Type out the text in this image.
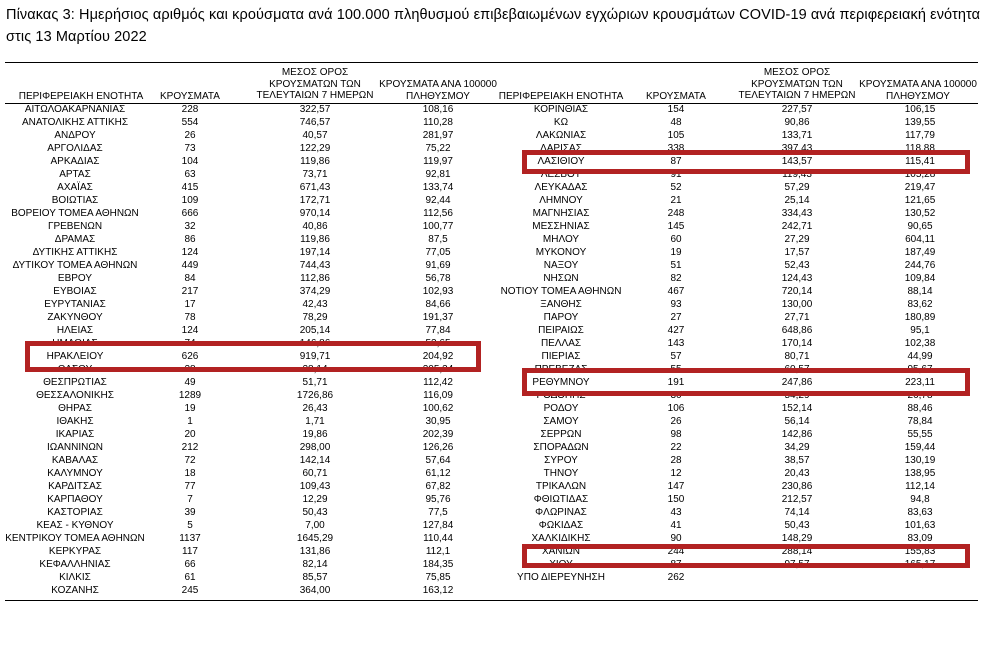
Πίνακας 3: Ημερήσιος αριθμός και κρούσματα ανά 100.000 πληθυσμού επιβεβαιωμένων εγχώριων κρουσμάτων COVID-19 ανά περιφερειακή ενότητα στις 13 Μαρτίου 2022
ΠΕΡΙΦΕΡΕΙΑΚΗ ΕΝΟΤΗΤΑ	ΚΡΟΥΣΜΑΤΑ
ΜΕΣΟΣ ΟΡΟΣ
ΚΡΟΥΣΜΑΤΩΝ ΤΩΝ
ΤΕΛΕΥΤΑΙΩΝ 7 ΗΜΕΡΩΝ
ΚΡΟΥΣΜΑΤΑ ΑΝΑ 100000
ΠΛΗΘΥΣΜΟΥ	ΠΕΡΙΦΕΡΕΙΑΚΗ ΕΝΟΤΗΤΑ ΚΡΟΥΣΜΑΤΑ
ΜΕΣΟΣ ΟΡΟΣ
ΚΡΟΥΣΜΑΤΩΝ ΤΩΝ
ΤΕΛΕΥΤΑΙΩΝ 7 ΗΜΕΡΩΝ
ΚΡΟΥΣΜΑΤΑ ΑΝΑ 100000
ΠΛΗΘΥΣΜΟΥ
ΑΙΤΩΛΟΑΚΑΡΝΑΝΙΑΣ	228	322,57	108,16
ΑΝΑΤΟΛΙΚΗΣ ΑΤΤΙΚΗΣ	554	746,57	110,28
ΑΝΔΡΟΥ	26	40,57	281,97
ΑΡΓΟΛΙΔΑΣ	73	122,29	75,22
ΑΡΚΑΔΙΑΣ	104	119,86	119,97
ΑΡΤΑΣ	63	73,71	92,81
ΑΧΑΪΑΣ	415	671,43	133,74
ΒΟΙΩΤΙΑΣ	109	172,71	92,44
ΒΟΡΕΙΟΥ ΤΟΜΕΑ ΑΘΗΝΩΝ	666	970,14	112,56
ΓΡΕΒΕΝΩΝ	32	40,86	100,77
ΔΡΑΜΑΣ	86	119,86	87,5
ΔΥΤΙΚΗΣ ΑΤΤΙΚΗΣ	124	197,14	77,05
ΔΥΤΙΚΟΥ ΤΟΜΕΑ ΑΘΗΝΩΝ	449	744,43	91,69
ΕΒΡΟΥ	84	112,86	56,78
ΕΥΒΟΙΑΣ	217	374,29	102,93
ΕΥΡΥΤΑΝΙΑΣ	17	42,43	84,66
ΖΑΚΥΝΘΟΥ	78	78,29	191,37
ΗΛΕΙΑΣ	124	205,14	77,84
ΗΜΑΘΙΑΣ	74	146,86	52,65
ΗΡΑΚΛΕΙΟΥ	626	919,71	204,92
ΘΑΣΟΥ	28	28,14	205,34
ΘΕΣΠΡΩΤΙΑΣ	49	51,71	112,42
ΘΕΣΣΑΛΟΝΙΚΗΣ	1289	1726,86	116,09
ΘΗΡΑΣ	19	26,43	100,62
ΙΘΑΚΗΣ	1	1,71	30,95
ΙΚΑΡΙΑΣ	20	19,86	202,39
ΙΩΑΝΝΙΝΩΝ	212	298,00	126,26
ΚΑΒΑΛΑΣ	72	142,14	57,64
ΚΑΛΥΜΝΟΥ	18	60,71	61,12
ΚΑΡΔΙΤΣΑΣ	77	109,43	67,82
ΚΑΡΠΑΘΟΥ	7	12,29	95,76
ΚΑΣΤΟΡΙΑΣ	39	50,43	77,5
ΚΕΑΣ - ΚΥΘΝΟΥ	5	7,00	127,84
ΚΕΝΤΡΙΚΟΥ ΤΟΜΕΑ ΑΘΗΝΩΝ	1137	1645,29	110,44
ΚΕΡΚΥΡΑΣ	117	131,86	112,1
ΚΕΦΑΛΛΗΝΙΑΣ	66	82,14	184,35
ΚΙΛΚΙΣ	61	85,57	75,85
ΚΟΖΑΝΗΣ	245	364,00	163,12
ΚΟΡΙΝΘΙΑΣ	154	227,57	106,15
ΚΩ	48	90,86	139,55
ΛΑΚΩΝΙΑΣ	105	133,71	117,79
ΛΑΡΙΣΑΣ	338	397,43	118,88
ΛΑΣΙΘΙΟΥ	87	143,57	115,41
ΛΕΣΒΟΥ	91	119,43	105,28
ΛΕΥΚΑΔΑΣ	52	57,29	219,47
ΛΗΜΝΟΥ	21	25,14	121,65
ΜΑΓΝΗΣΙΑΣ	248	334,43	130,52
ΜΕΣΣΗΝΙΑΣ	145	242,71	90,65
ΜΗΛΟΥ	60	27,29	604,11
ΜΥΚΟΝΟΥ	19	17,57	187,49
ΝΑΞΟΥ	51	52,43	244,76
ΝΗΣΩΝ	82	124,43	109,84
ΝΟΤΙΟΥ ΤΟΜΕΑ ΑΘΗΝΩΝ	467	720,14	88,14
ΞΑΝΘΗΣ	93	130,00	83,62
ΠΑΡΟΥ	27	27,71	180,89
ΠΕΙΡΑΙΩΣ	427	648,86	95,1
ΠΕΛΛΑΣ	143	170,14	102,38
ΠΙΕΡΙΑΣ	57	80,71	44,99
ΠΡΕΒΕΖΑΣ	55	60,57	95,67
ΡΕΘΥΜΝΟΥ	191	247,86	223,11
ΡΟΔΟΠΗΣ	30	54,29	26,78
ΡΟΔΟΥ	106	152,14	88,46
ΣΑΜΟΥ	26	56,14	78,84
ΣΕΡΡΩΝ	98	142,86	55,55
ΣΠΟΡΑΔΩΝ	22	34,29	159,44
ΣΥΡΟΥ	28	38,57	130,19
ΤΗΝΟΥ	12	20,43	138,95
ΤΡΙΚΑΛΩΝ	147	230,86	112,14
ΦΘΙΩΤΙΔΑΣ	150	212,57	94,8
ΦΛΩΡΙΝΑΣ	43	74,14	83,63
ΦΩΚΙΔΑΣ	41	50,43	101,63
ΧΑΛΚΙΔΙΚΗΣ	90	148,29	83,09
ΧΑΝΙΩΝ	244	288,14	155,83
ΧΙΟΥ	87	97,57	165,17
ΥΠΟ ΔΙΕΡΕΥΝΗΣΗ	262
